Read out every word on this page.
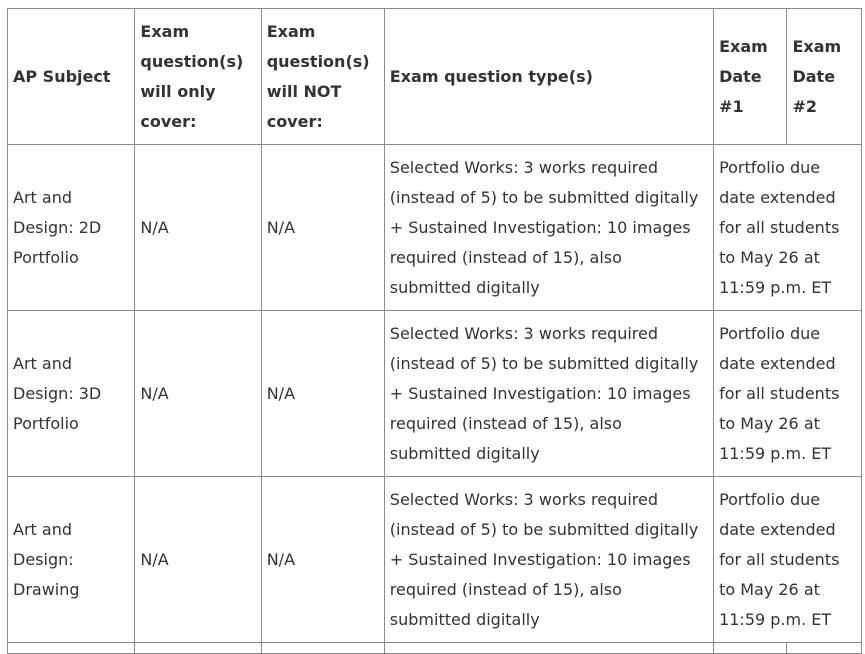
AP Subject	Exam question(s) will only cover:	Exam question(s) will NOT cover:	Exam question type(s)	Exam Date #1	Exam Date #2
Art and Design: 2D Portfolio	N/A	N/A	Selected Works: 3 works required (instead of 5) to be submitted digitally + Sustained Investigation: 10 images required (instead of 15), also submitted digitally	Portfolio due date extended for all students to May 26 at 11:59 p.m. ET	
Art and Design: 3D Portfolio	N/A	N/A	Selected Works: 3 works required (instead of 5) to be submitted digitally + Sustained Investigation: 10 images required (instead of 15), also submitted digitally	Portfolio due date extended for all students to May 26 at 11:59 p.m. ET	
Art and Design: Drawing	N/A	N/A	Selected Works: 3 works required (instead of 5) to be submitted digitally + Sustained Investigation: 10 images required (instead of 15), also submitted digitally	Portfolio due date extended for all students to May 26 at 11:59 p.m. ET	
